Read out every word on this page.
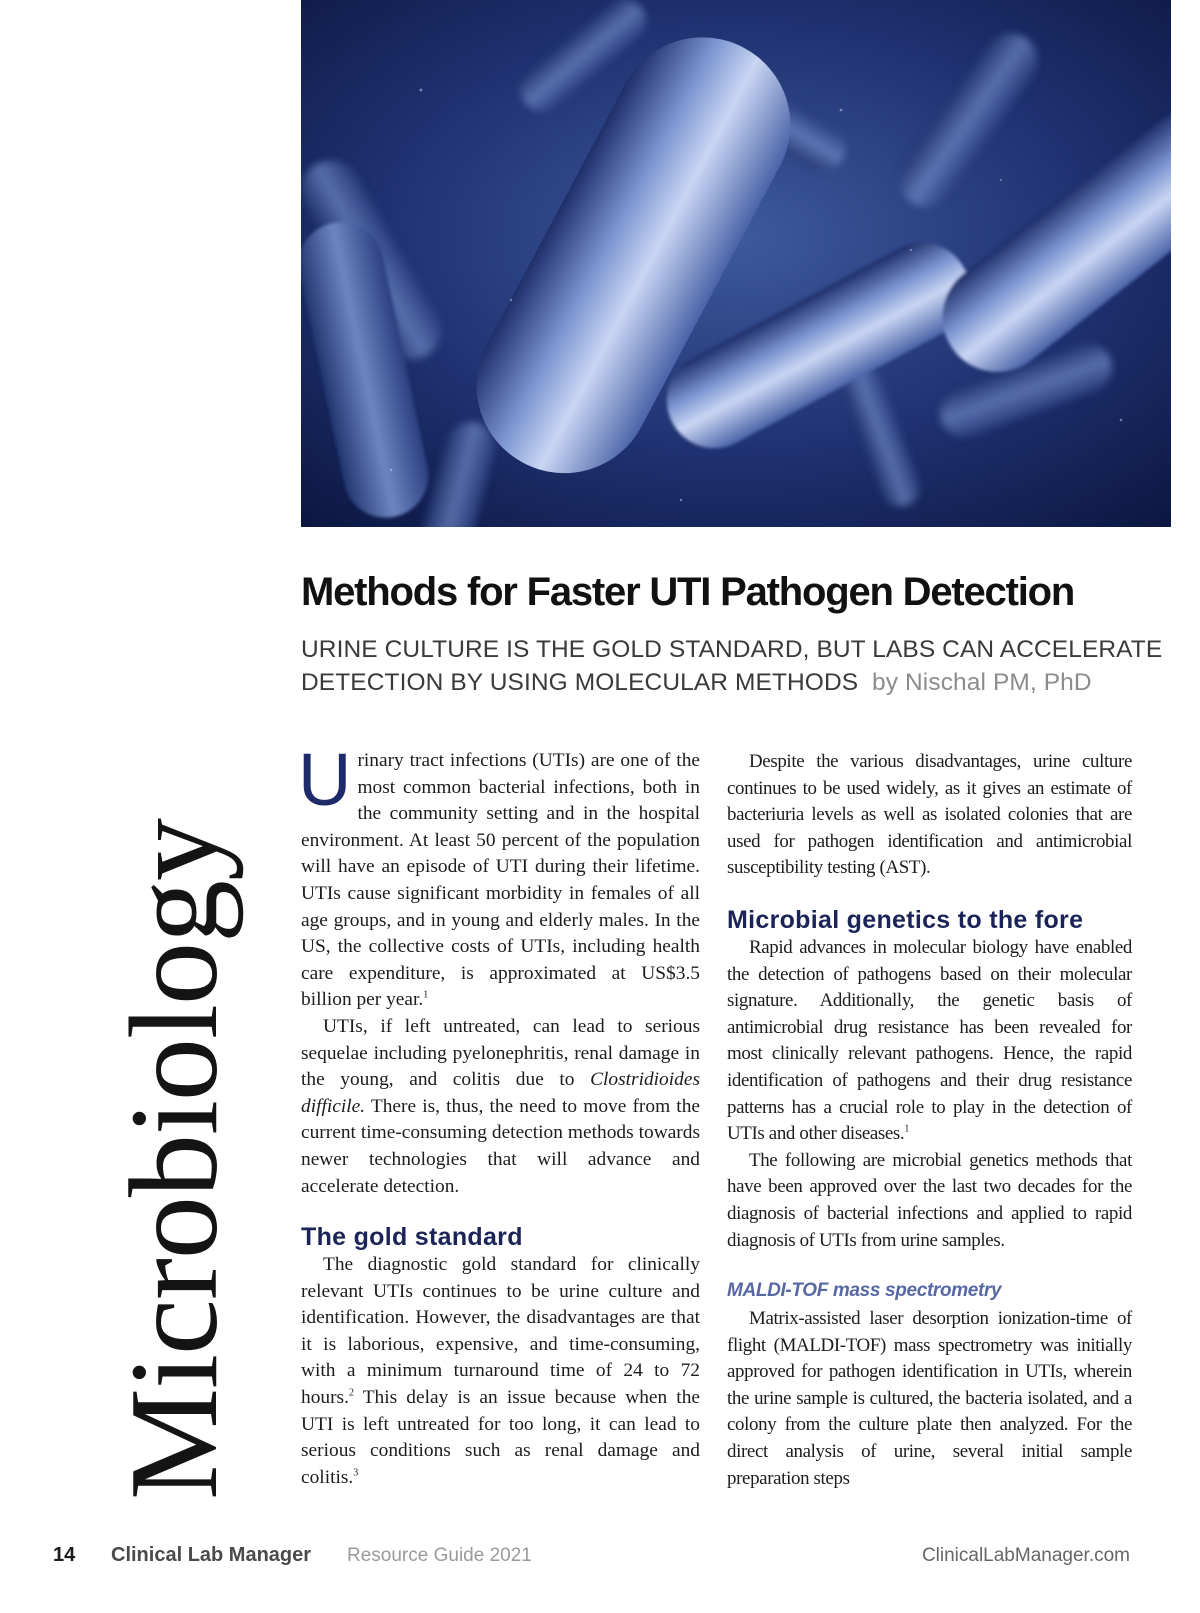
Microbiology
Methods for Faster UTI Pathogen Detection

URINE CULTURE IS THE GOLD STANDARD, BUT LABS CAN ACCELERATE DETECTION BY USING MOLECULAR METHODS by Nischal PM, PhD

Urinary tract infections (UTIs) are one of the most common bacterial infections, both in the community setting and in the hospital environment. At least 50 percent of the population will have an episode of UTI during their lifetime. UTIs cause significant morbidity in females of all age groups, and in young and elderly males. In the US, the collective costs of UTIs, including health care expenditure, is approximated at US$3.5 billion per year.$^1$

UTIs, if left untreated, can lead to serious sequelae including pyelonephritis, renal damage in the young, and colitis due to Clostridioides difficile. There is, thus, the need to move from the current time-consuming detection methods towards newer technologies that will advance and accelerate detection.

The gold standard

The diagnostic gold standard for clinically relevant UTIs continues to be urine culture and identification. However, the disadvantages are that it is laborious, expensive, and time-consuming, with a minimum turnaround time of 24 to 72 hours.$^2$ This delay is an issue because when the UTI is left untreated for too long, it can lead to serious conditions such as renal damage and colitis.$^3$

Despite the various disadvantages, urine culture continues to be used widely, as it gives an estimate of bacteriuria levels as well as isolated colonies that are used for pathogen identification and antimicrobial susceptibility testing (AST).

Microbial genetics to the fore

Rapid advances in molecular biology have enabled the detection of pathogens based on their molecular signature. Additionally, the genetic basis of antimicrobial drug resistance has been revealed for most clinically relevant pathogens. Hence, the rapid identification of pathogens and their drug resistance patterns has a crucial role to play in the detection of UTIs and other diseases.$^1$

The following are microbial genetics methods that have been approved over the last two decades for the diagnosis of bacterial infections and applied to rapid diagnosis of UTIs from urine samples.

MALDI-TOF mass spectrometry

Matrix-assisted laser desorption ionization-time of flight (MALDI-TOF) mass spectrometry was initially approved for pathogen identification in UTIs, wherein the urine sample is cultured, the bacteria isolated, and a colony from the culture plate then analyzed. For the direct analysis of urine, several initial sample preparation steps

14 Clinical Lab Manager Resource Guide 2021	ClinicalLabManager.com
